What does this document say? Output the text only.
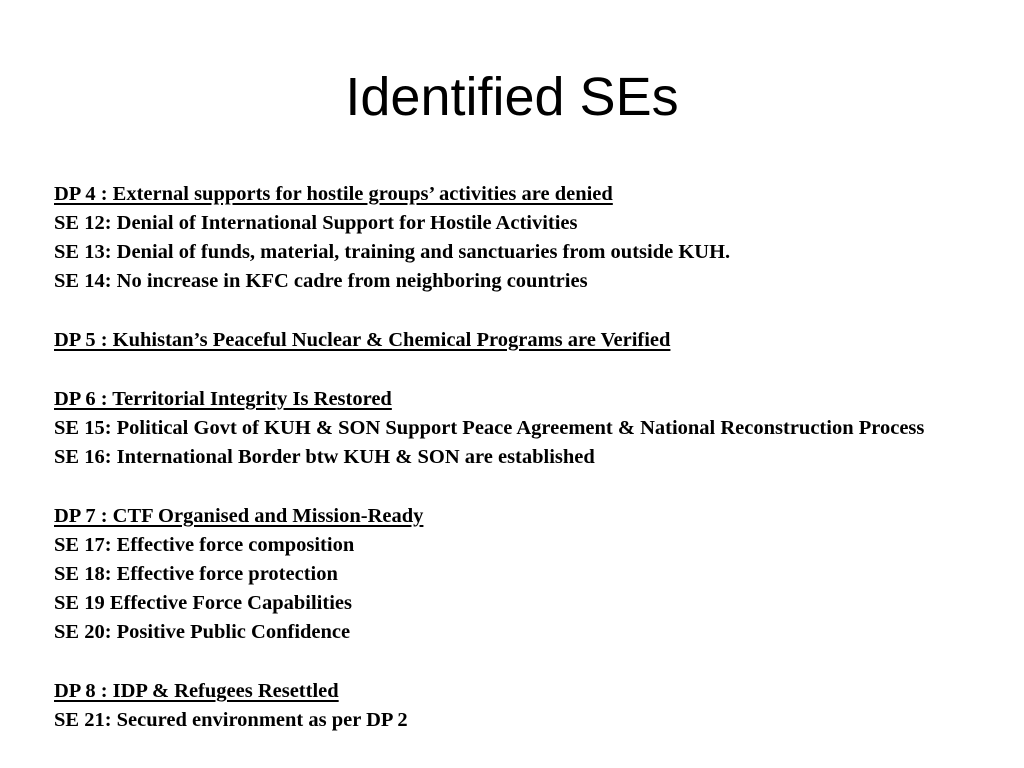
Identified SEs

DP 4 : External supports for hostile groups’ activities are denied

SE 12: Denial of International Support for Hostile Activities

SE 13: Denial of funds, material, training and sanctuaries from outside KUH.

SE 14: No increase in KFC cadre from neighboring countries

DP 5 : Kuhistan’s Peaceful Nuclear & Chemical Programs are Verified

DP 6 : Territorial Integrity Is Restored

SE 15: Political Govt of KUH & SON Support Peace Agreement & National Reconstruction Process

SE 16: International Border btw KUH & SON are established

DP 7 : CTF Organised and Mission-Ready

SE 17: Effective force composition

SE 18: Effective force protection

SE 19 Effective Force Capabilities

SE 20: Positive Public Confidence

DP 8 : IDP & Refugees Resettled

SE 21: Secured environment as per DP 2
